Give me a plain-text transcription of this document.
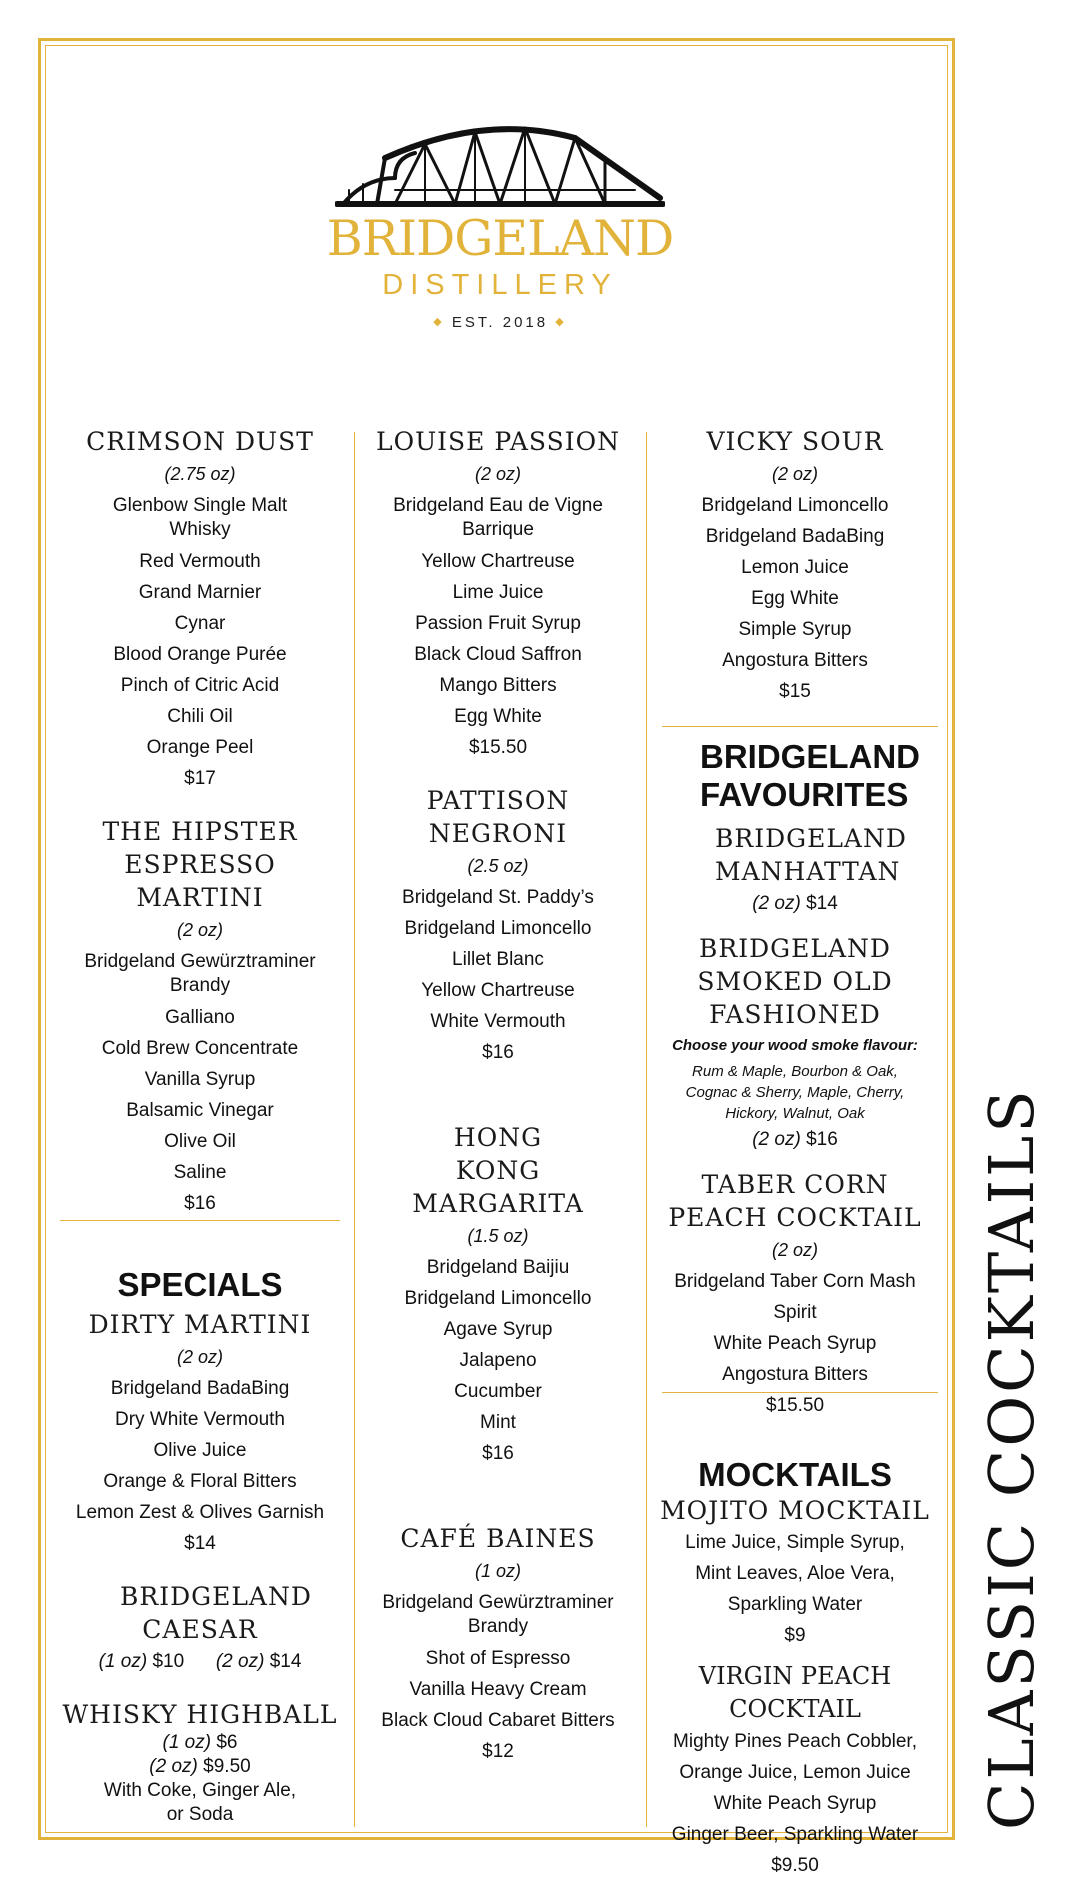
BRIDGELAND
DISTILLERY
◆ EST. 2018 ◆
CRIMSON DUST
(2.75 oz)
Glenbow Single Malt Whisky
Red Vermouth
Grand Marnier
Cynar
Blood Orange Purée
Pinch of Citric Acid
Chili Oil
Orange Peel
$17
THE HIPSTER ESPRESSO MARTINI
(2 oz)
Bridgeland Gewürztraminer Brandy
Galliano
Cold Brew Concentrate
Vanilla Syrup
Balsamic Vinegar
Olive Oil
Saline
$16
SPECIALS
DIRTY MARTINI
(2 oz)
Bridgeland BadaBing
Dry White Vermouth
Olive Juice
Orange & Floral Bitters
Lemon Zest & Olives Garnish
$14
BRIDGELAND CAESAR
(1 oz) $10 (2 oz) $14
WHISKY HIGHBALL
(1 oz) $6
(2 oz) $9.50
With Coke, Ginger Ale, or Soda
LOUISE PASSION
(2 oz)
Bridgeland Eau de Vigne Barrique
Yellow Chartreuse
Lime Juice
Passion Fruit Syrup
Black Cloud Saffron
Mango Bitters
Egg White
$15.50
PATTISON NEGRONI
(2.5 oz)
Bridgeland St. Paddy’s
Bridgeland Limoncello
Lillet Blanc
Yellow Chartreuse
White Vermouth
$16
HONG KONG MARGARITA
(1.5 oz)
Bridgeland Baijiu
Bridgeland Limoncello
Agave Syrup
Jalapeno
Cucumber
Mint
$16
CAFÉ BAINES
(1 oz)
Bridgeland Gewürztraminer Brandy
Shot of Espresso
Vanilla Heavy Cream
Black Cloud Cabaret Bitters
$12
VICKY SOUR
(2 oz)
Bridgeland Limoncello
Bridgeland BadaBing
Lemon Juice
Egg White
Simple Syrup
Angostura Bitters
$15
BRIDGELAND FAVOURITES
BRIDGELAND MANHATTAN
(2 oz) $14
BRIDGELAND SMOKED OLD FASHIONED
Choose your wood smoke flavour:
Rum & Maple, Bourbon & Oak, Cognac & Sherry, Maple, Cherry, Hickory, Walnut, Oak
(2 oz) $16
TABER CORN PEACH COCKTAIL
(2 oz)
Bridgeland Taber Corn Mash Spirit
White Peach Syrup
Angostura Bitters
$15.50
MOCKTAILS
MOJITO MOCKTAIL
Lime Juice, Simple Syrup,
Mint Leaves, Aloe Vera,
Sparkling Water
$9
VIRGIN PEACH COCKTAIL
Mighty Pines Peach Cobbler,
Orange Juice, Lemon Juice
White Peach Syrup
Ginger Beer, Sparkling Water
$9.50
CLASSIC COCKTAILS
